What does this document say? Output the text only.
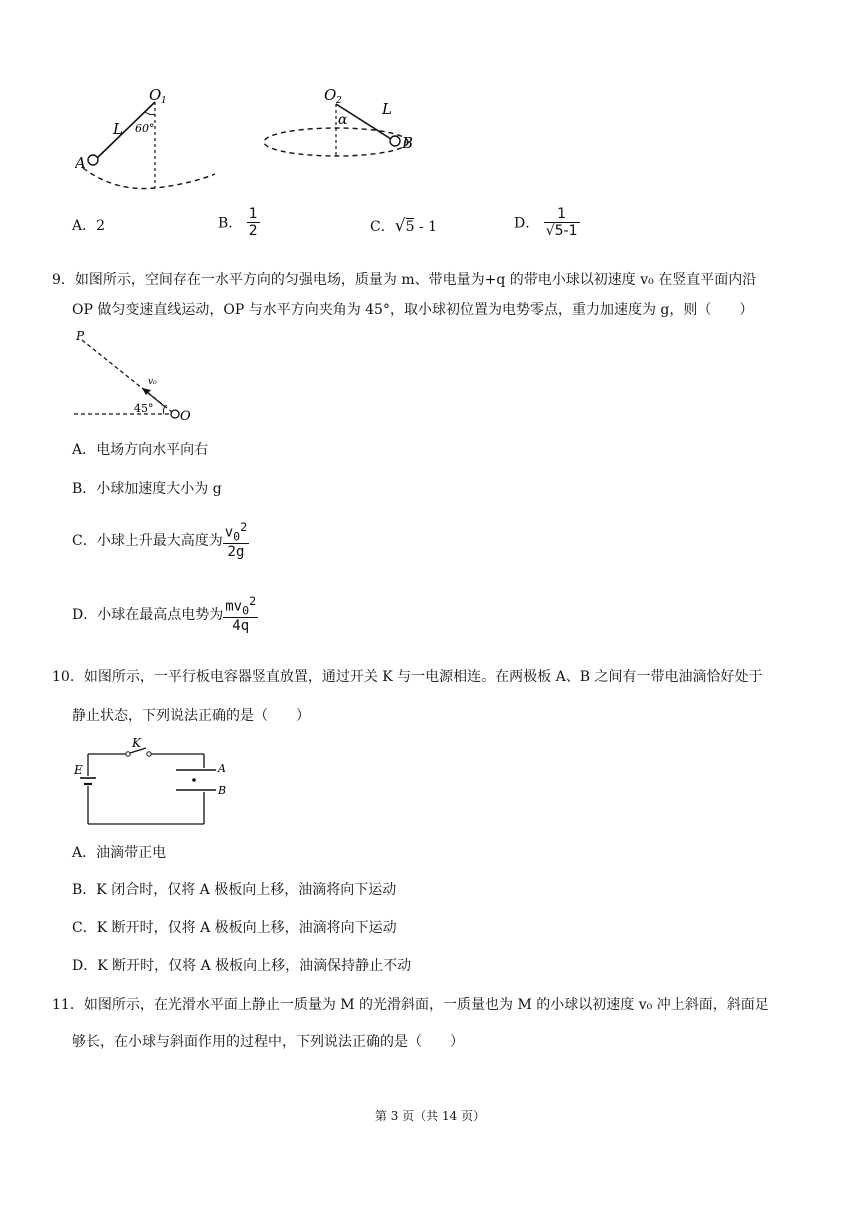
O 1
L 60°
A
O 2	L
α
B
A．2	B． $\frac{1}{2}$	C．√5 - 1	D． $\frac{1}{√5-1}$
9．如图所示，空间存在一水平方向的匀强电场，质量为 m、带电量为+q 的带电小球以初速度 v₀ 在竖直平面内沿
OP 做匀变速直线运动，OP 与水平方向夹角为 45°，取小球初位置为电势零点，重力加速度为 g，则（　　）
P
v₀
45°
O
A．电场方向水平向右
B．小球加速度大小为 g
C．小球上升最大高度为 $\frac{v_0^2}{2g}$
D．小球在最高点电势为 $\frac{mv_0^2}{4q}$
10．如图所示，一平行板电容器竖直放置，通过开关 K 与一电源相连。在两极板 A、B 之间有一带电油滴恰好处于
静止状态，下列说法正确的是（　　）
K
E	A
B
A．油滴带正电
B．K 闭合时，仅将 A 极板向上移，油滴将向下运动
C．K 断开时，仅将 A 极板向上移，油滴将向下运动
D．K 断开时，仅将 A 极板向上移，油滴保持静止不动
11．如图所示，在光滑水平面上静止一质量为 M 的光滑斜面，一质量也为 M 的小球以初速度 v₀ 冲上斜面，斜面足
够长，在小球与斜面作用的过程中，下列说法正确的是（　　）
第 3 页（共 14 页）
